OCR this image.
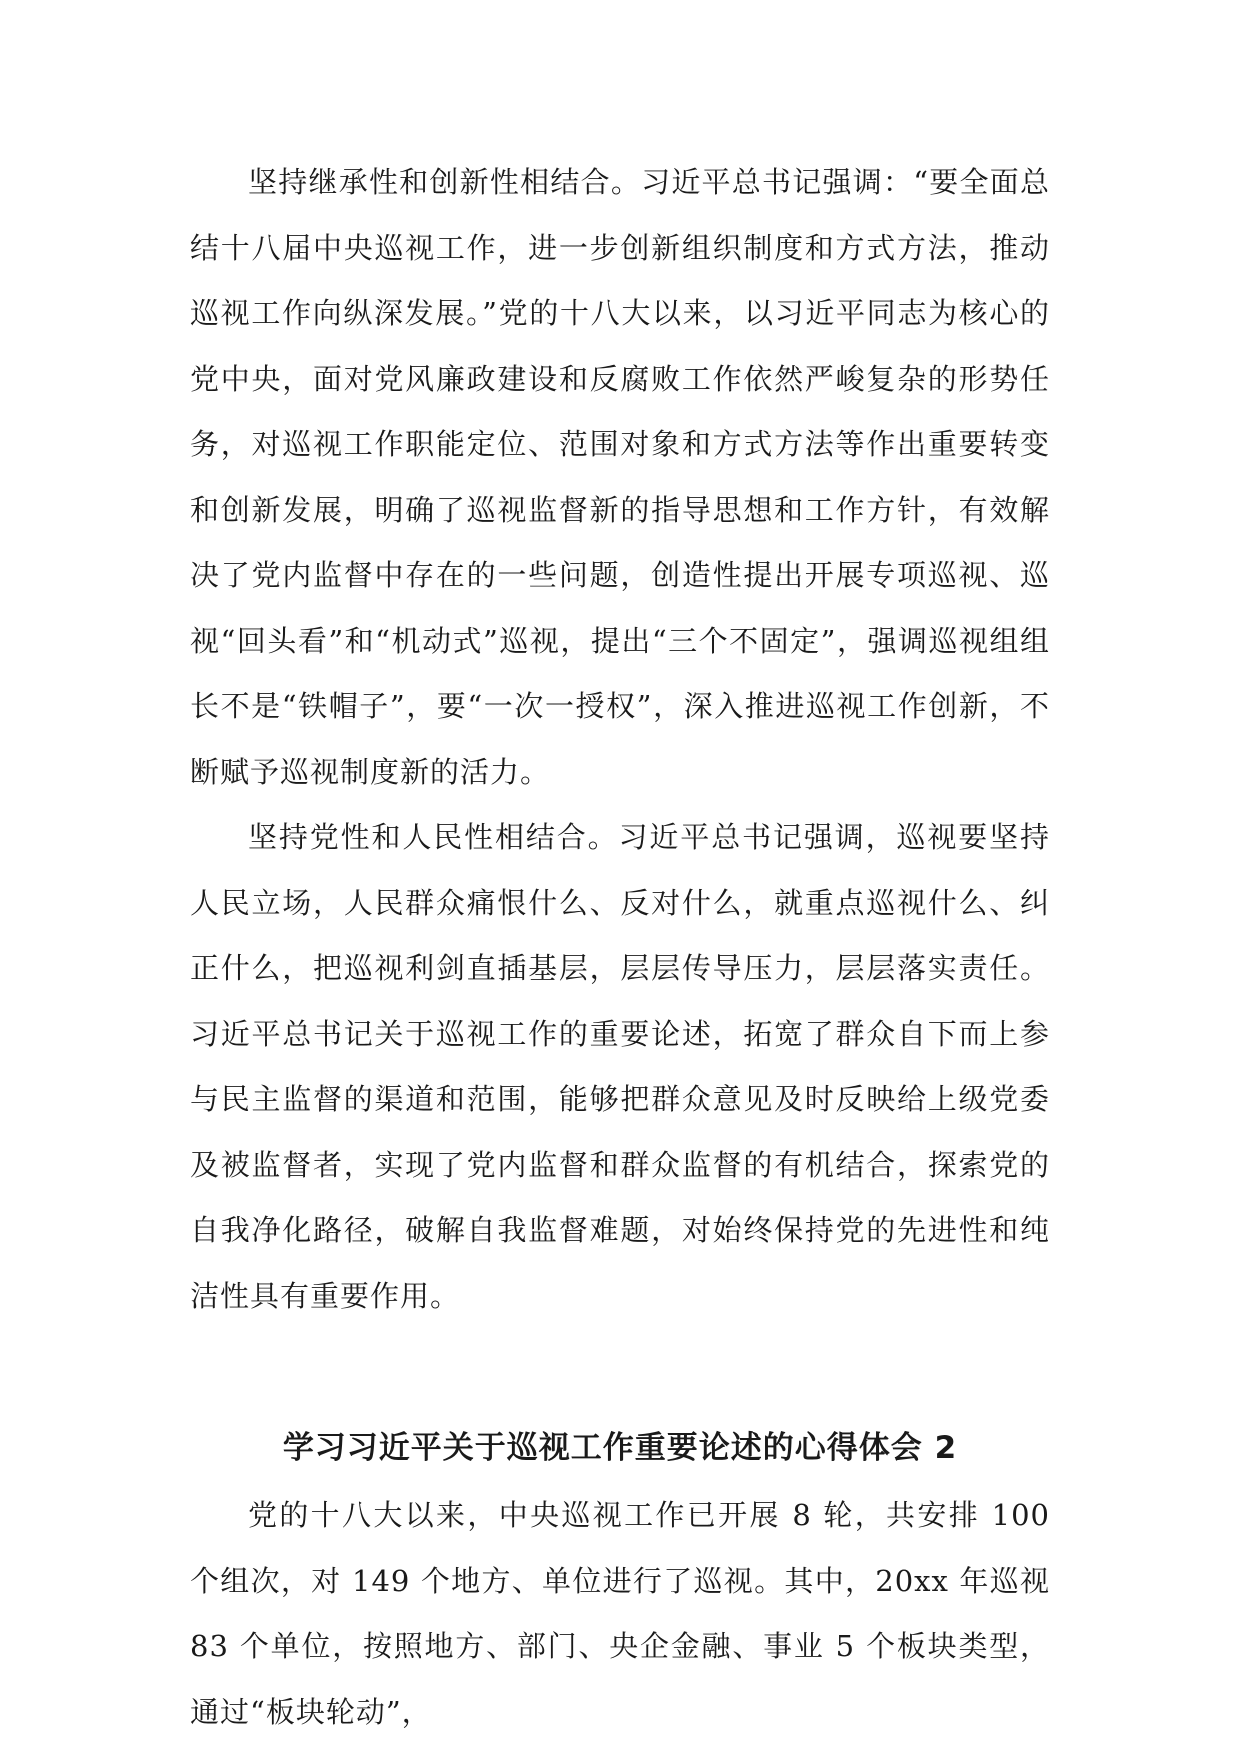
坚持继承性和创新性相结合。习近平总书记强调：“要全面总结十八届中央巡视工作，进一步创新组织制度和方式方法，推动巡视工作向纵深发展。”党的十八大以来，以习近平同志为核心的党中央，面对党风廉政建设和反腐败工作依然严峻复杂的形势任务，对巡视工作职能定位、范围对象和方式方法等作出重要转变和创新发展，明确了巡视监督新的指导思想和工作方针，有效解决了党内监督中存在的一些问题，创造性提出开展专项巡视、巡视“回头看”和“机动式”巡视，提出“三个不固定”，强调巡视组组长不是“铁帽子”，要“一次一授权”，深入推进巡视工作创新，不断赋予巡视制度新的活力。

坚持党性和人民性相结合。习近平总书记强调，巡视要坚持人民立场，人民群众痛恨什么、反对什么，就重点巡视什么、纠正什么，把巡视利剑直插基层，层层传导压力，层层落实责任。习近平总书记关于巡视工作的重要论述，拓宽了群众自下而上参与民主监督的渠道和范围，能够把群众意见及时反映给上级党委及被监督者，实现了党内监督和群众监督的有机结合，探索党的自我净化路径，破解自我监督难题，对始终保持党的先进性和纯洁性具有重要作用。

学习习近平关于巡视工作重要论述的心得体会 2

党的十八大以来，中央巡视工作已开展 8 轮，共安排 100 个组次，对 149 个地方、单位进行了巡视。其中，20xx 年巡视 83 个单位，按照地方、部门、央企金融、事业 5 个板块类型，通过“板块轮动”，
